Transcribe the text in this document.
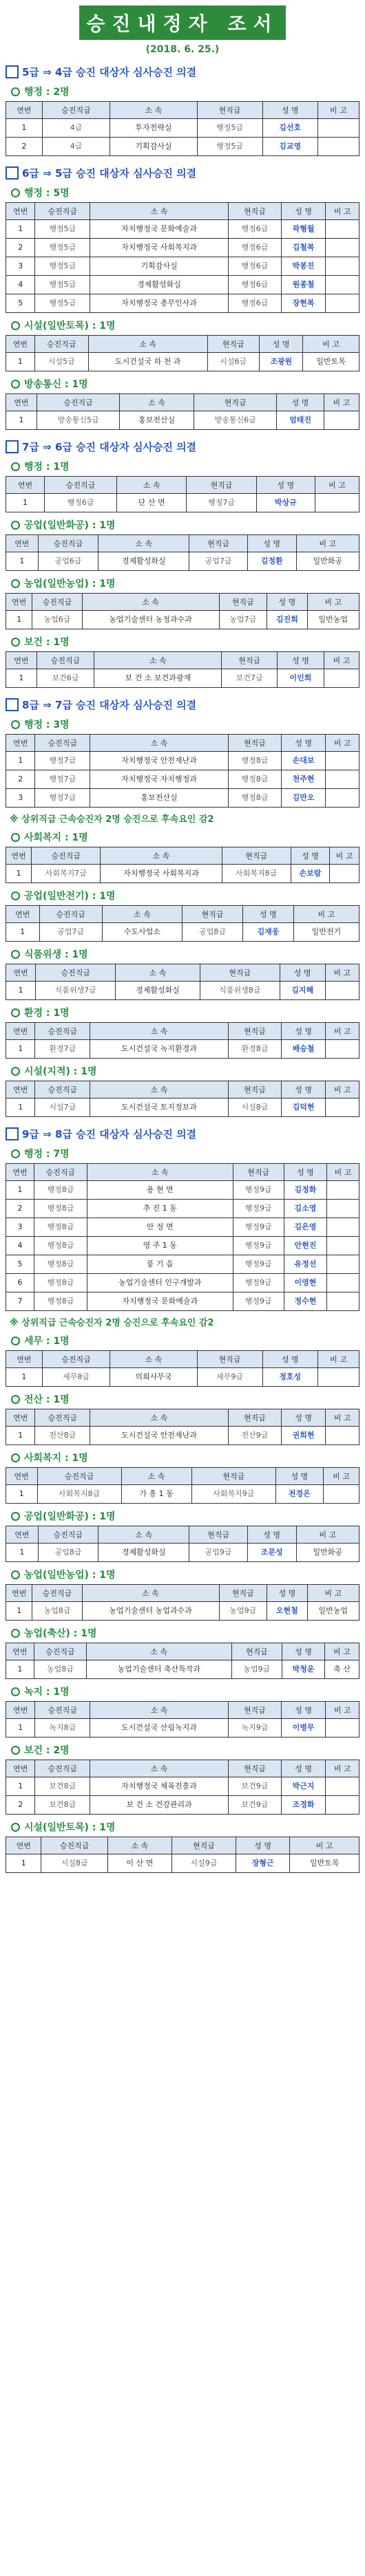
승진내정자 조서
(2018. 6. 25.)
5급 ⇒ 4급 승진 대상자 심사승진 의결
행정 : 2명
연번	승진직급	소 속	현직급	성 명	비 고
1	4급	투자전략실	행정5급	김선호	
2	4급	기획감사실	행정5급	김교영	
6급 ⇒ 5급 승진 대상자 심사승진 의결
행정 : 5명
연번	승진직급	소 속	현직급	성 명	비 고
1	행정5급	자치행정국 문화예술과	행정6급	곽형월	
2	행정5급	자치행정국 사회복지과	행정6급	김철복	
3	행정5급	기획감사실	행정6급	박봉진	
4	행정5급	경제활성화실	행정6급	원종철	
5	행정5급	자치행정국 총무인사과	행정6급	장현복	
시설(일반토목) : 1명
연번	승진직급	소 속	현직급	성 명	비 고
1	시설5급	도시건설국 하 천 과	시설6급	조광원	일반토목
방송통신 : 1명
연번	승진직급	소 속	현직급	성 명	비 고
1	방송통신5급	홍보전산실	방송통신6급	엄태진	
7급 ⇒ 6급 승진 대상자 심사승진 의결
행정 : 1명
연번	승진직급	소 속	현직급	성 명	비 고
1	행정6급	단 산 면	행정7급	박상규	
공업(일반화공) : 1명
연번	승진직급	소 속	현직급	성 명	비 고
1	공업6급	경제활성화실	공업7급	김정환	일반화공
농업(일반농업) : 1명
연번	승진직급	소 속	현직급	성 명	비 고
1	농업6급	농업기술센터 농정과수과	농업7급	김진희	일반농업
보건 : 1명
연번	승진직급	소 속	현직급	성 명	비 고
1	보건6급	보 건 소 보건과광재	보건7급	이인희	
8급 ⇒ 7급 승진 대상자 심사승진 의결
행정 : 3명
연번	승진직급	소 속	현직급	성 명	비 고
1	행정7급	자치행정국 안전재난과	행정8급	손대보	
2	행정7급	자치행정국 자치행정과	행정8급	천주현	
3	행정7급	홍보전산실	행정8급	김만오	
※ 상위직급 근속승진자 2명 승진으로 후속요인 감2
사회복지 : 1명
연번	승진직급	소 속	현직급	성 명	비 고
1	사회복지7급	자치행정국 사회복지과	사회복지8급	손보람	
공업(일반전기) : 1명
연번	승진직급	소 속	현직급	성 명	비 고
1	공업7급	수도사업소	공업8급	김재웅	일반전기
식품위생 : 1명
연번	승진직급	소 속	현직급	성 명	비 고
1	식품위생7급	경제활성화실	식품위생8급	김지혜	
환경 : 1명
연번	승진직급	소 속	현직급	성 명	비 고
1	환경7급	도시건설국 녹지환경과	환경8급	배승철	
시설(지적) : 1명
연번	승진직급	소 속	현직급	성 명	비 고
1	시설7급	도시건설국 토지정보과	시설8급	김덕현	
9급 ⇒ 8급 승진 대상자 심사승진 의결
행정 : 7명
연번	승진직급	소 속	현직급	성 명	비 고
1	행정8급	용 현 면	행정9급	김정화	
2	행정8급	추 진 1 동	행정9급	김소영	
3	행정8급	안 정 면	행정9급	김은영	
4	행정8급	영 주 1 동	행정9급	안현진	
5	행정8급	풍 기 읍	행정9급	유정선	
6	행정8급	농업기술센터 인구개발과	행정9급	이영현	
7	행정8급	자치행정국 문화예술과	행정9급	정수현	
※ 상위직급 근속승진자 2명 승진으로 후속요인 감2
세무 : 1명
연번	승진직급	소 속	현직급	성 명	비 고
1	세무8급	의회사무국	세무9급	정호성	
전산 : 1명
연번	승진직급	소 속	현직급	성 명	비 고
1	전산8급	도시건설국 안전재난과	전산9급	권희현	
사회복지 : 1명
연번	승진직급	소 속	현직급	성 명	비 고
1	사회복지8급	가 흥 1 동	사회복지9급	전경은	
공업(일반화공) : 1명
연번	승진직급	소 속	현직급	성 명	비 고
1	공업8급	경제활성화실	공업9급	조문성	일반화공
농업(일반농업) : 1명
연번	승진직급	소 속	현직급	성 명	비 고
1	농업8급	농업기술센터 농업과수과	농업9급	오현철	일반농업
농업(축산) : 1명
연번	승진직급	소 속	현직급	성 명	비 고
1	농업8급	농업기술센터 축산특작과	농업9급	박청운	축 산
녹지 : 1명
연번	승진직급	소 속	현직급	성 명	비 고
1	녹지8급	도시건설국 산림녹지과	녹지9급	이병무	
보건 : 2명
연번	승진직급	소 속	현직급	성 명	비 고
1	보건8급	자치행정국 체육진흥과	보건9급	박근지	
2	보건8급	보 건 소 건강관리과	보건9급	조경화	
시설(일반토목) : 1명
연번	승진직급	소 속	현직급	성 명	비 고
1	시설8급	이 산 면	시설9급	장형근	일반토목
